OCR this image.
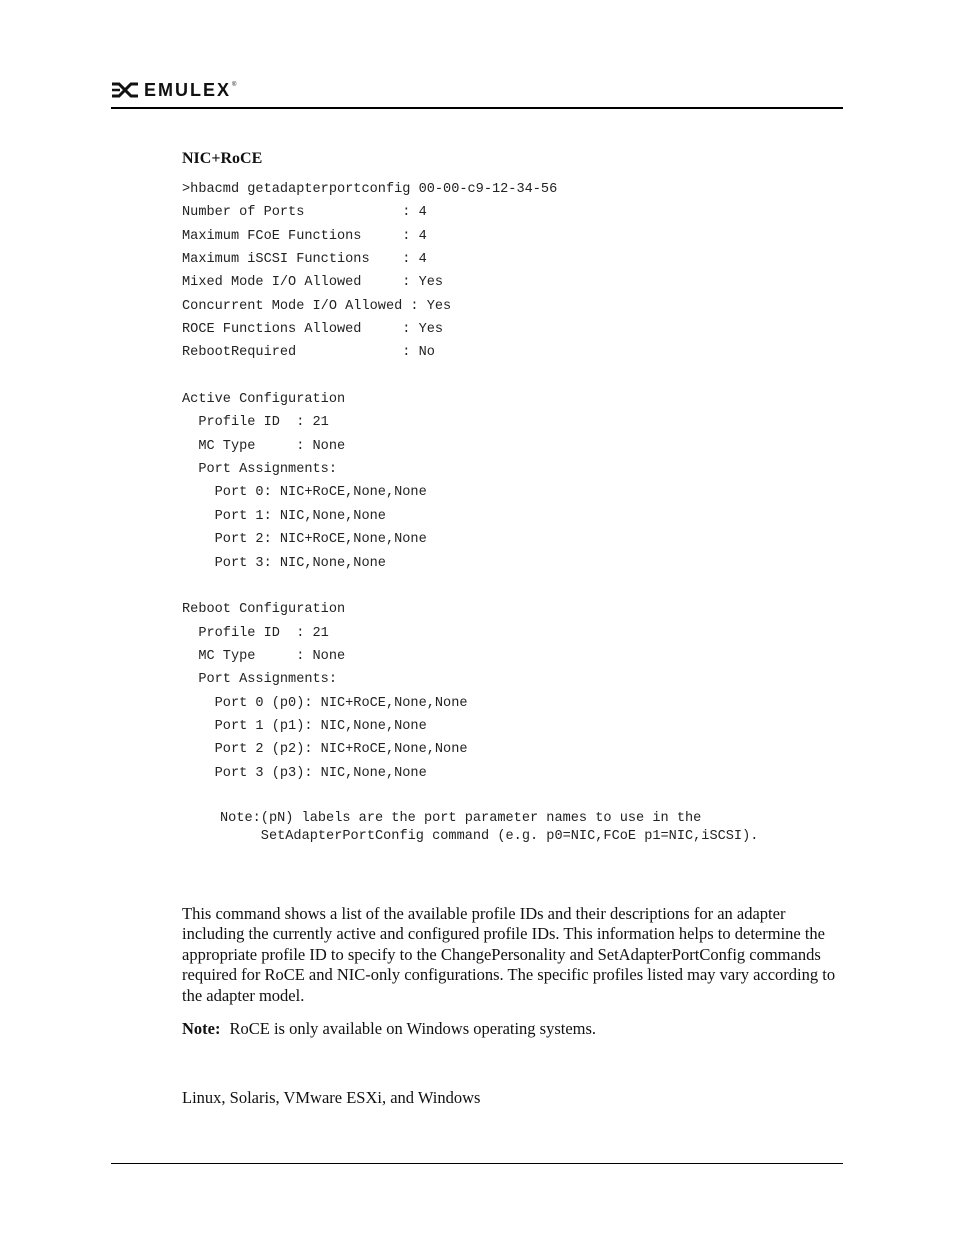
EMULEX ®
NIC+RoCE
>hbacmd getadapterportconfig 00-00-c9-12-34-56
Number of Ports            : 4
Maximum FCoE Functions     : 4
Maximum iSCSI Functions    : 4
Mixed Mode I/O Allowed     : Yes
Concurrent Mode I/O Allowed : Yes
ROCE Functions Allowed     : Yes
RebootRequired             : No

Active Configuration
Profile ID  : 21
MC Type     : None
Port Assignments:
Port 0: NIC+RoCE,None,None
Port 1: NIC,None,None
Port 2: NIC+RoCE,None,None
Port 3: NIC,None,None

Reboot Configuration
Profile ID  : 21
MC Type     : None
Port Assignments:
Port 0 (p0): NIC+RoCE,None,None
Port 1 (p1): NIC,None,None
Port 2 (p2): NIC+RoCE,None,None
Port 3 (p3): NIC,None,None
Note:(pN) labels are the port parameter names to use in the
SetAdapterPortConfig command (e.g. p0=NIC,FCoE p1=NIC,iSCSI).

This command shows a list of the available profile IDs and their descriptions for an adapter including the currently active and configured profile IDs. This information helps to determine the appropriate profile ID to specify to the ChangePersonality and SetAdapterPortConfig commands required for RoCE and NIC-only configurations. The specific profiles listed may vary according to the adapter model.

Note: RoCE is only available on Windows operating systems.

Linux, Solaris, VMware ESXi, and Windows
